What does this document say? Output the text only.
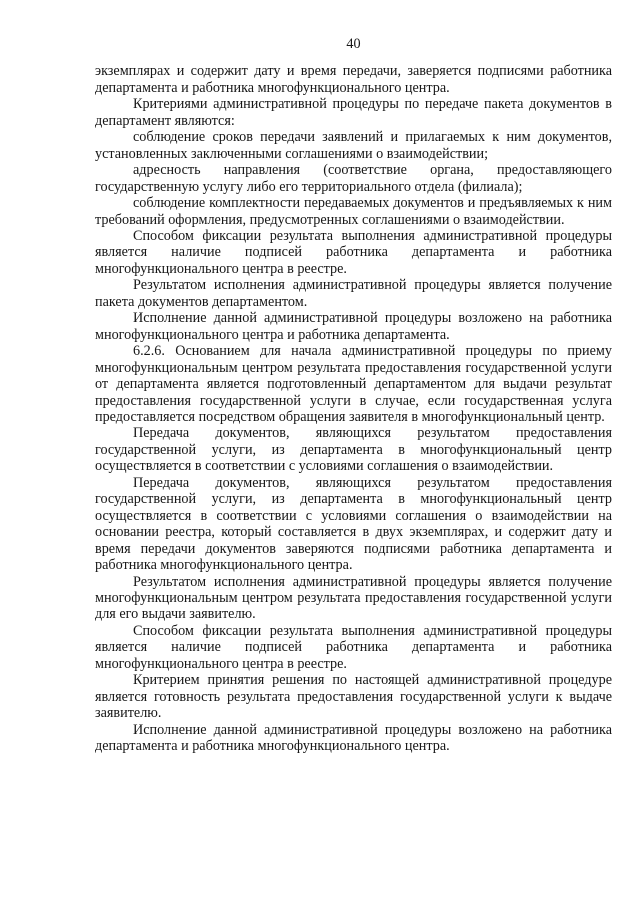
40

экземплярах и содержит дату и время передачи, заверяется подписями работника департамента и работника многофункционального центра.

Критериями административной процедуры по передаче пакета документов в департамент являются:

соблюдение сроков передачи заявлений и прилагаемых к ним документов, установленных заключенными соглашениями о взаимодействии;

адресность направления (соответствие органа, предоставляющего государственную услугу либо его территориального отдела (филиала);

соблюдение комплектности передаваемых документов и предъявляемых к ним требований оформления, предусмотренных соглашениями о взаимодействии.

Способом фиксации результата выполнения административной процедуры является наличие подписей работника департамента и работника многофункционального центра в реестре.

Результатом исполнения административной процедуры является получение пакета документов департаментом.

Исполнение данной административной процедуры возложено на работника многофункционального центра и работника департамента.

6.2.6. Основанием для начала административной процедуры по приему многофункциональным центром результата предоставления государственной услуги от департамента является подготовленный департаментом для выдачи результат предоставления государственной услуги в случае, если государственная услуга предоставляется посредством обращения заявителя в многофункциональный центр.

Передача документов, являющихся результатом предоставления государственной услуги, из департамента в многофункциональный центр осуществляется в соответствии с условиями соглашения о взаимодействии.

Передача документов, являющихся результатом предоставления государственной услуги, из департамента в многофункциональный центр осуществляется в соответствии с условиями соглашения о взаимодействии на основании реестра, который составляется в двух экземплярах, и содержит дату и время передачи документов заверяются подписями работника департамента и работника многофункционального центра.

Результатом исполнения административной процедуры является получение многофункциональным центром результата предоставления государственной услуги для его выдачи заявителю.

Способом фиксации результата выполнения административной процедуры является наличие подписей работника департамента и работника многофункционального центра в реестре.

Критерием принятия решения по настоящей административной процедуре является готовность результата предоставления государственной услуги к выдаче заявителю.

Исполнение данной административной процедуры возложено на работника департамента и работника многофункционального центра.
